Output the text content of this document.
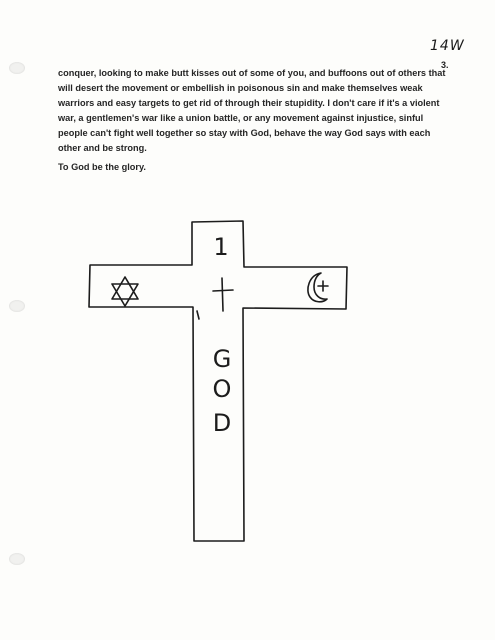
14W
3.

conquer, looking to make butt kisses out of some of you, and buffoons out of others that will desert the movement or embellish in poisonous sin and make themselves weak warriors and easy targets to get rid of through their stupidity. I don't care if it's a violent war, a gentlemen's war like a union battle, or any movement against injustice, sinful people can't fight well together so stay with God, behave the way God says with each other and be strong.

To God be the glory.

1
G
O
D
